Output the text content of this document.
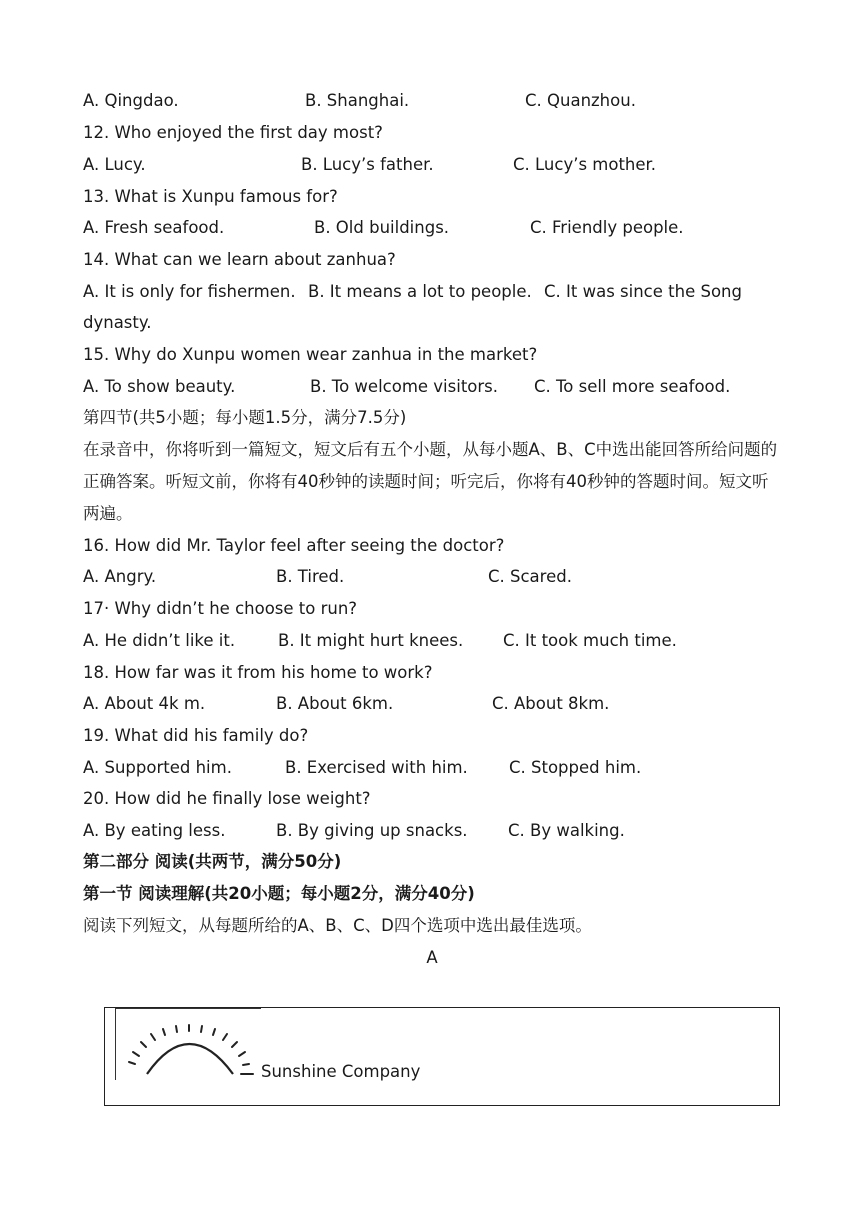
A. Qingdao.	B. Shanghai.	C. Quanzhou.
12. Who enjoyed the first day most?
A. Lucy.	B. Lucy’s father.	C. Lucy’s mother.
13. What is Xunpu famous for?
A. Fresh seafood.	B. Old buildings.	C. Friendly people.
14. What can we learn about zanhua?
A. It is only for fishermen. B. It means a lot to people. C. It was since the Song
dynasty.
15. Why do Xunpu women wear zanhua in the market?
A. To show beauty.	B. To welcome visitors. C. To sell more seafood.
第四节(共5小题；每小题1.5分，满分7.5分)
在录音中，你将听到一篇短文，短文后有五个小题，从每小题A、B、C中选出能回答所给问题的
正确答案。听短文前，你将有40秒钟的读题时间；听完后，你将有40秒钟的答题时间。短文听
两遍。
16. How did Mr. Taylor feel after seeing the doctor?
A. Angry.	B. Tired.	C. Scared.
17· Why didn’t he choose to run?
A. He didn’t like it.	B. It might hurt knees. C. It took much time.
18. How far was it from his home to work?
A. About 4k m.	B. About 6km.	C. About 8km.
19. What did his family do?
A. Supported him.	B. Exercised with him. C. Stopped him.
20. How did he finally lose weight?
A. By eating less.	B. By giving up snacks. C. By walking.
第二部分 阅读(共两节，满分50分)
第一节 阅读理解(共20小题；每小题2分，满分40分)
阅读下列短文，从每题所给的A、B、C、D四个选项中选出最佳选项。
A
Sunshine Company
